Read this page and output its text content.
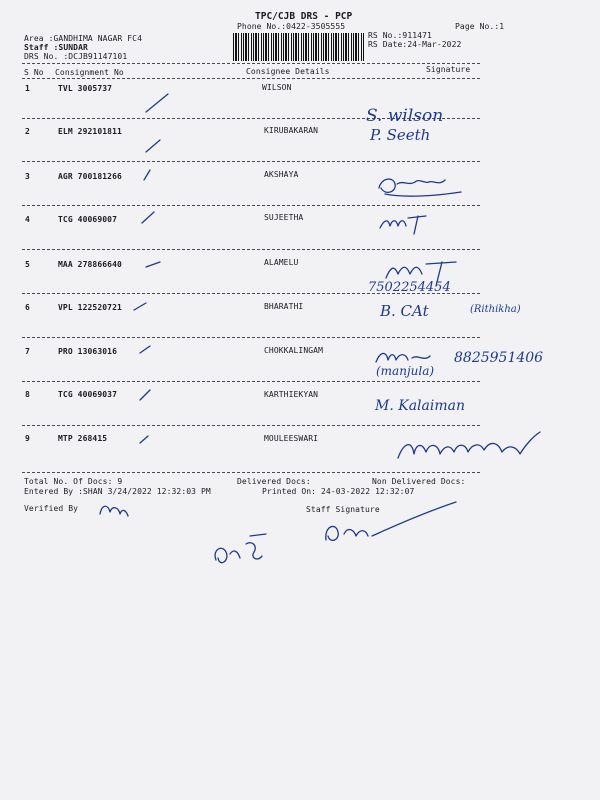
TPC/CJB DRS - PCP
Phone No.:0422-3505555	Page No.:1
Area :GANDHIMA NAGAR FC4
Staff :SUNDAR
DRS No. :DCJB91147101
RS No.:911471
RS Date:24-Mar-2022
S No Consignment No	Consignee Details	Signature
1	TVL 3005737	WILSON
2	ELM 292101811	KIRUBAKARAN
3	AGR 700181266	AKSHAYA
4	TCG 40069007	SUJEETHA
5	MAA 278866640	ALAMELU
6	VPL 122520721	BHARATHI
7	PRO 13063016	CHOKKALINGAM
8	TCG 40069037	KARTHIEKYAN
9	MTP 268415	MOULEESWARI
Total No. Of Docs: 9	Delivered Docs:	Non Delivered Docs:
Entered By :SHAN 3/24/2022 12:32:03 PM	Printed On: 24-03-2022 12:32:07
Verified By	Staff Signature
S. wilson
P. Seeth
7502254454
B. CAt	(Rithikha)
8825951406
(manjula)
M. Kalaiman
